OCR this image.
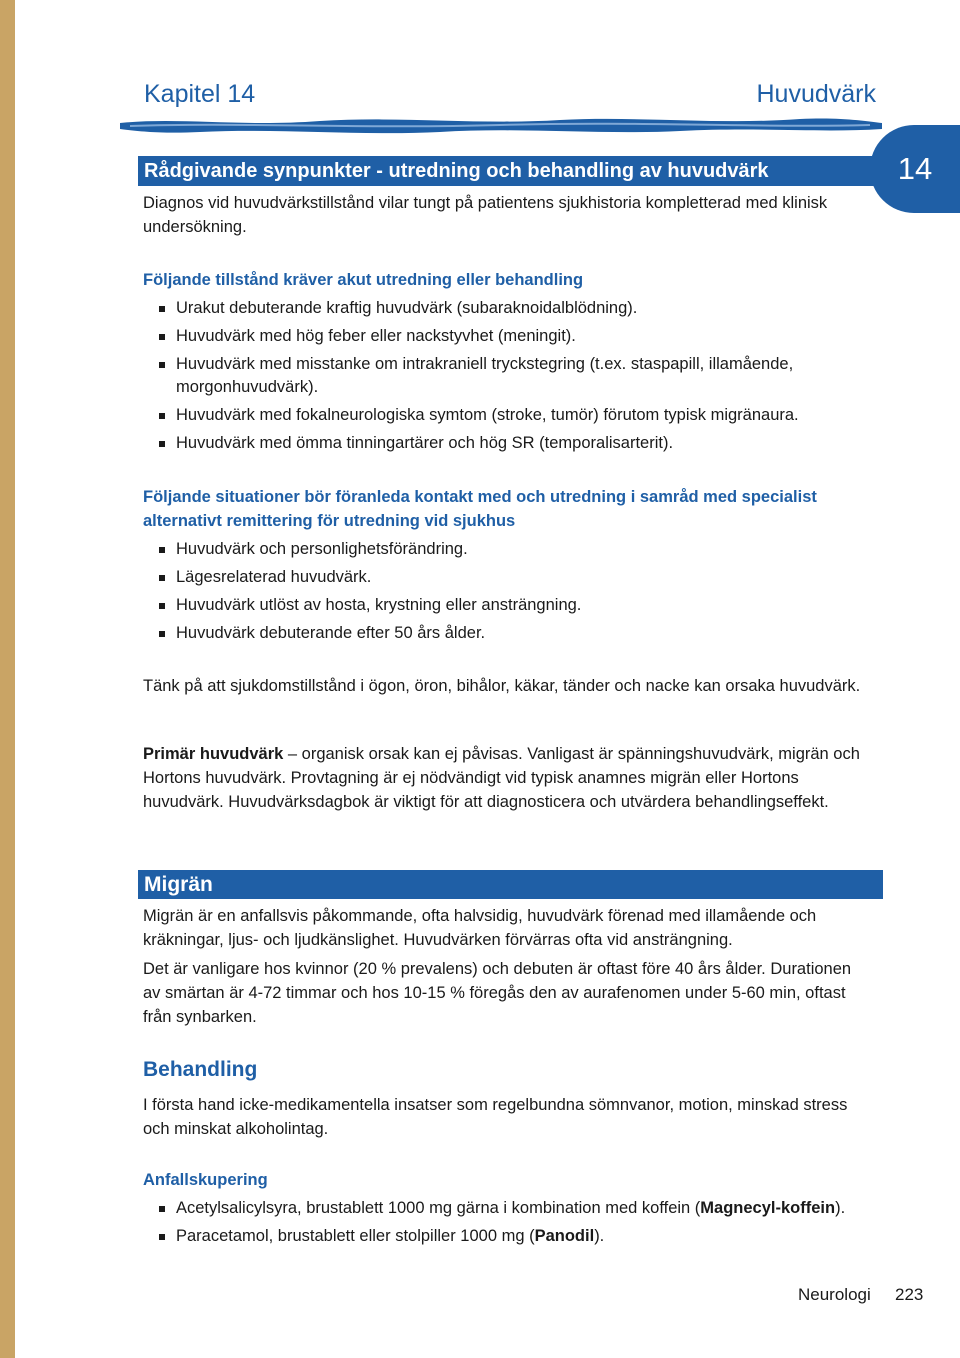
Kapitel 14	Huvudvärk
14
Rådgivande synpunkter - utredning och behandling av huvudvärk
Diagnos vid huvudvärkstillstånd vilar tungt på patientens sjukhistoria kompletterad med klinisk undersökning.
Följande tillstånd kräver akut utredning eller behandling
Urakut debuterande kraftig huvudvärk (subaraknoidalblödning).
Huvudvärk med hög feber eller nackstyvhet (meningit).
Huvudvärk med misstanke om intrakraniell tryckstegring (t.ex. staspapill, illamående, morgonhuvudvärk).
Huvudvärk med fokalneurologiska symtom (stroke, tumör) förutom typisk migränaura.
Huvudvärk med ömma tinningartärer och hög SR (temporalisarterit).
Följande situationer bör föranleda kontakt med och utredning i samråd med specialist alternativt remittering för utredning vid sjukhus
Huvudvärk och personlighetsförändring.
Lägesrelaterad huvudvärk.
Huvudvärk utlöst av hosta, krystning eller ansträngning.
Huvudvärk debuterande efter 50 års ålder.
Tänk på att sjukdomstillstånd i ögon, öron, bihålor, käkar, tänder och nacke kan orsaka huvudvärk.
Primär huvudvärk – organisk orsak kan ej påvisas. Vanligast är spänningshuvudvärk, migrän och Hortons huvudvärk. Provtagning är ej nödvändigt vid typisk anamnes migrän eller Hortons huvudvärk. Huvudvärksdagbok är viktigt för att diagnosticera och utvärdera behandlingseffekt.
Migrän
Migrän är en anfallsvis påkommande, ofta halvsidig, huvudvärk förenad med illamående och kräkningar, ljus- och ljudkänslighet. Huvudvärken förvärras ofta vid ansträngning.
Det är vanligare hos kvinnor (20 % prevalens) och debuten är oftast före 40 års ålder. Durationen av smärtan är 4-72 timmar och hos 10-15 % föregås den av aurafenomen under 5-60 min, oftast från synbarken.
Behandling
I första hand icke-medikamentella insatser som regelbundna sömnvanor, motion, minskad stress och minskat alkoholintag.
Anfallskupering
Acetylsalicylsyra, brustablett 1000 mg gärna i kombination med koffein (Magnecyl-koffein).
Paracetamol, brustablett eller stolpiller 1000 mg (Panodil).
Neurologi 223
